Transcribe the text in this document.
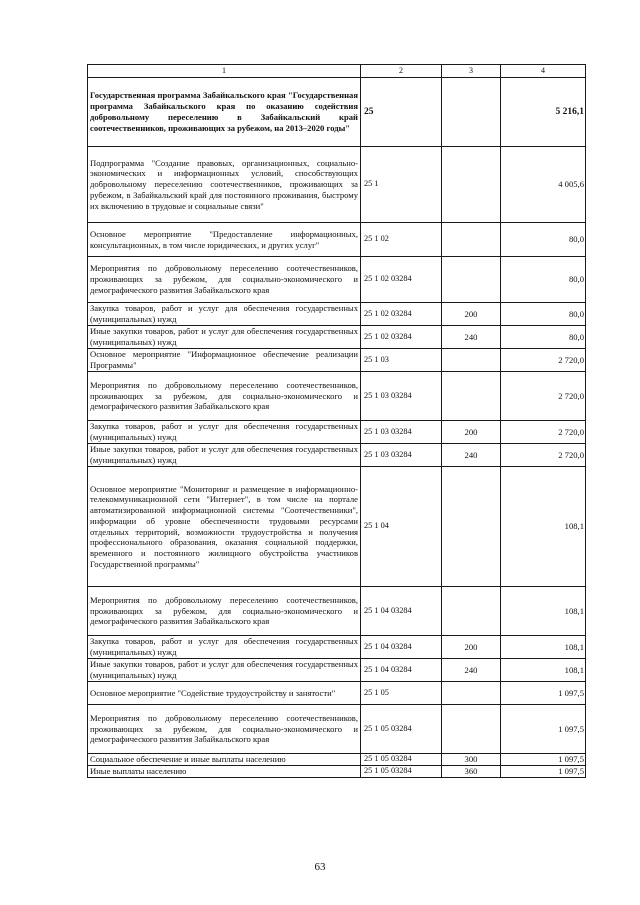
1	2	3	4
Государственная программа Забайкальского края "Государственная программа Забайкальского края по оказанию содействия добровольному переселению в Забайкальский край соотечественников, проживающих за рубежом, на 2013–2020 годы"	25		5 216,1
Подпрограмма "Создание правовых, организационных, социально-экономических и информационных условий, способствующих добровольному переселению соотечественников, проживающих за рубежом, в Забайкальский край для постоянного проживания, быстрому их включению в трудовые и социальные связи"	25 1		4 005,6
Основное мероприятие "Предоставление информационных, консультационных, в том числе юридических, и других услуг"	25 1 02		80,0
Мероприятия по добровольному переселению соотечественников, проживающих за рубежом, для социально-экономического и демографического развития Забайкальского края	25 1 02 03284		80,0
Закупка товаров, работ и услуг для обеспечения государственных (муниципальных) нужд	25 1 02 03284	200	80,0
Иные закупки товаров, работ и услуг для обеспечения государственных (муниципальных) нужд	25 1 02 03284	240	80,0
Основное мероприятие "Информационное обеспечение реализации Программы"	25 1 03		2 720,0
Мероприятия по добровольному переселению соотечественников, проживающих за рубежом, для социально-экономического и демографического развития Забайкальского края	25 1 03 03284		2 720,0
Закупка товаров, работ и услуг для обеспечения государственных (муниципальных) нужд	25 1 03 03284	200	2 720,0
Иные закупки товаров, работ и услуг для обеспечения государственных (муниципальных) нужд	25 1 03 03284	240	2 720,0
Основное мероприятие "Мониторинг и размещение в информационно-телекоммуникационной сети "Интернет", в том числе на портале автоматизированной информационной системы "Соотечественники", информации об уровне обеспеченности трудовыми ресурсами отдельных территорий, возможности трудоустройства и получения профессионального образования, оказания социальной поддержки, временного и постоянного жилищного обустройства участников Государственной программы"	25 1 04		108,1
Мероприятия по добровольному переселению соотечественников, проживающих за рубежом, для социально-экономического и демографического развития Забайкальского края	25 1 04 03284		108,1
Закупка товаров, работ и услуг для обеспечения государственных (муниципальных) нужд	25 1 04 03284	200	108,1
Иные закупки товаров, работ и услуг для обеспечения государственных (муниципальных) нужд	25 1 04 03284	240	108,1
Основное мероприятие "Содействие трудоустройству и занятости"	25 1 05		1 097,5
Мероприятия по добровольному переселению соотечественников, проживающих за рубежом, для социально-экономического и демографического развития Забайкальского края	25 1 05 03284		1 097,5
Социальное обеспечение и иные выплаты населению	25 1 05 03284	300	1 097,5
Иные выплаты населению	25 1 05 03284	360	1 097,5
63
